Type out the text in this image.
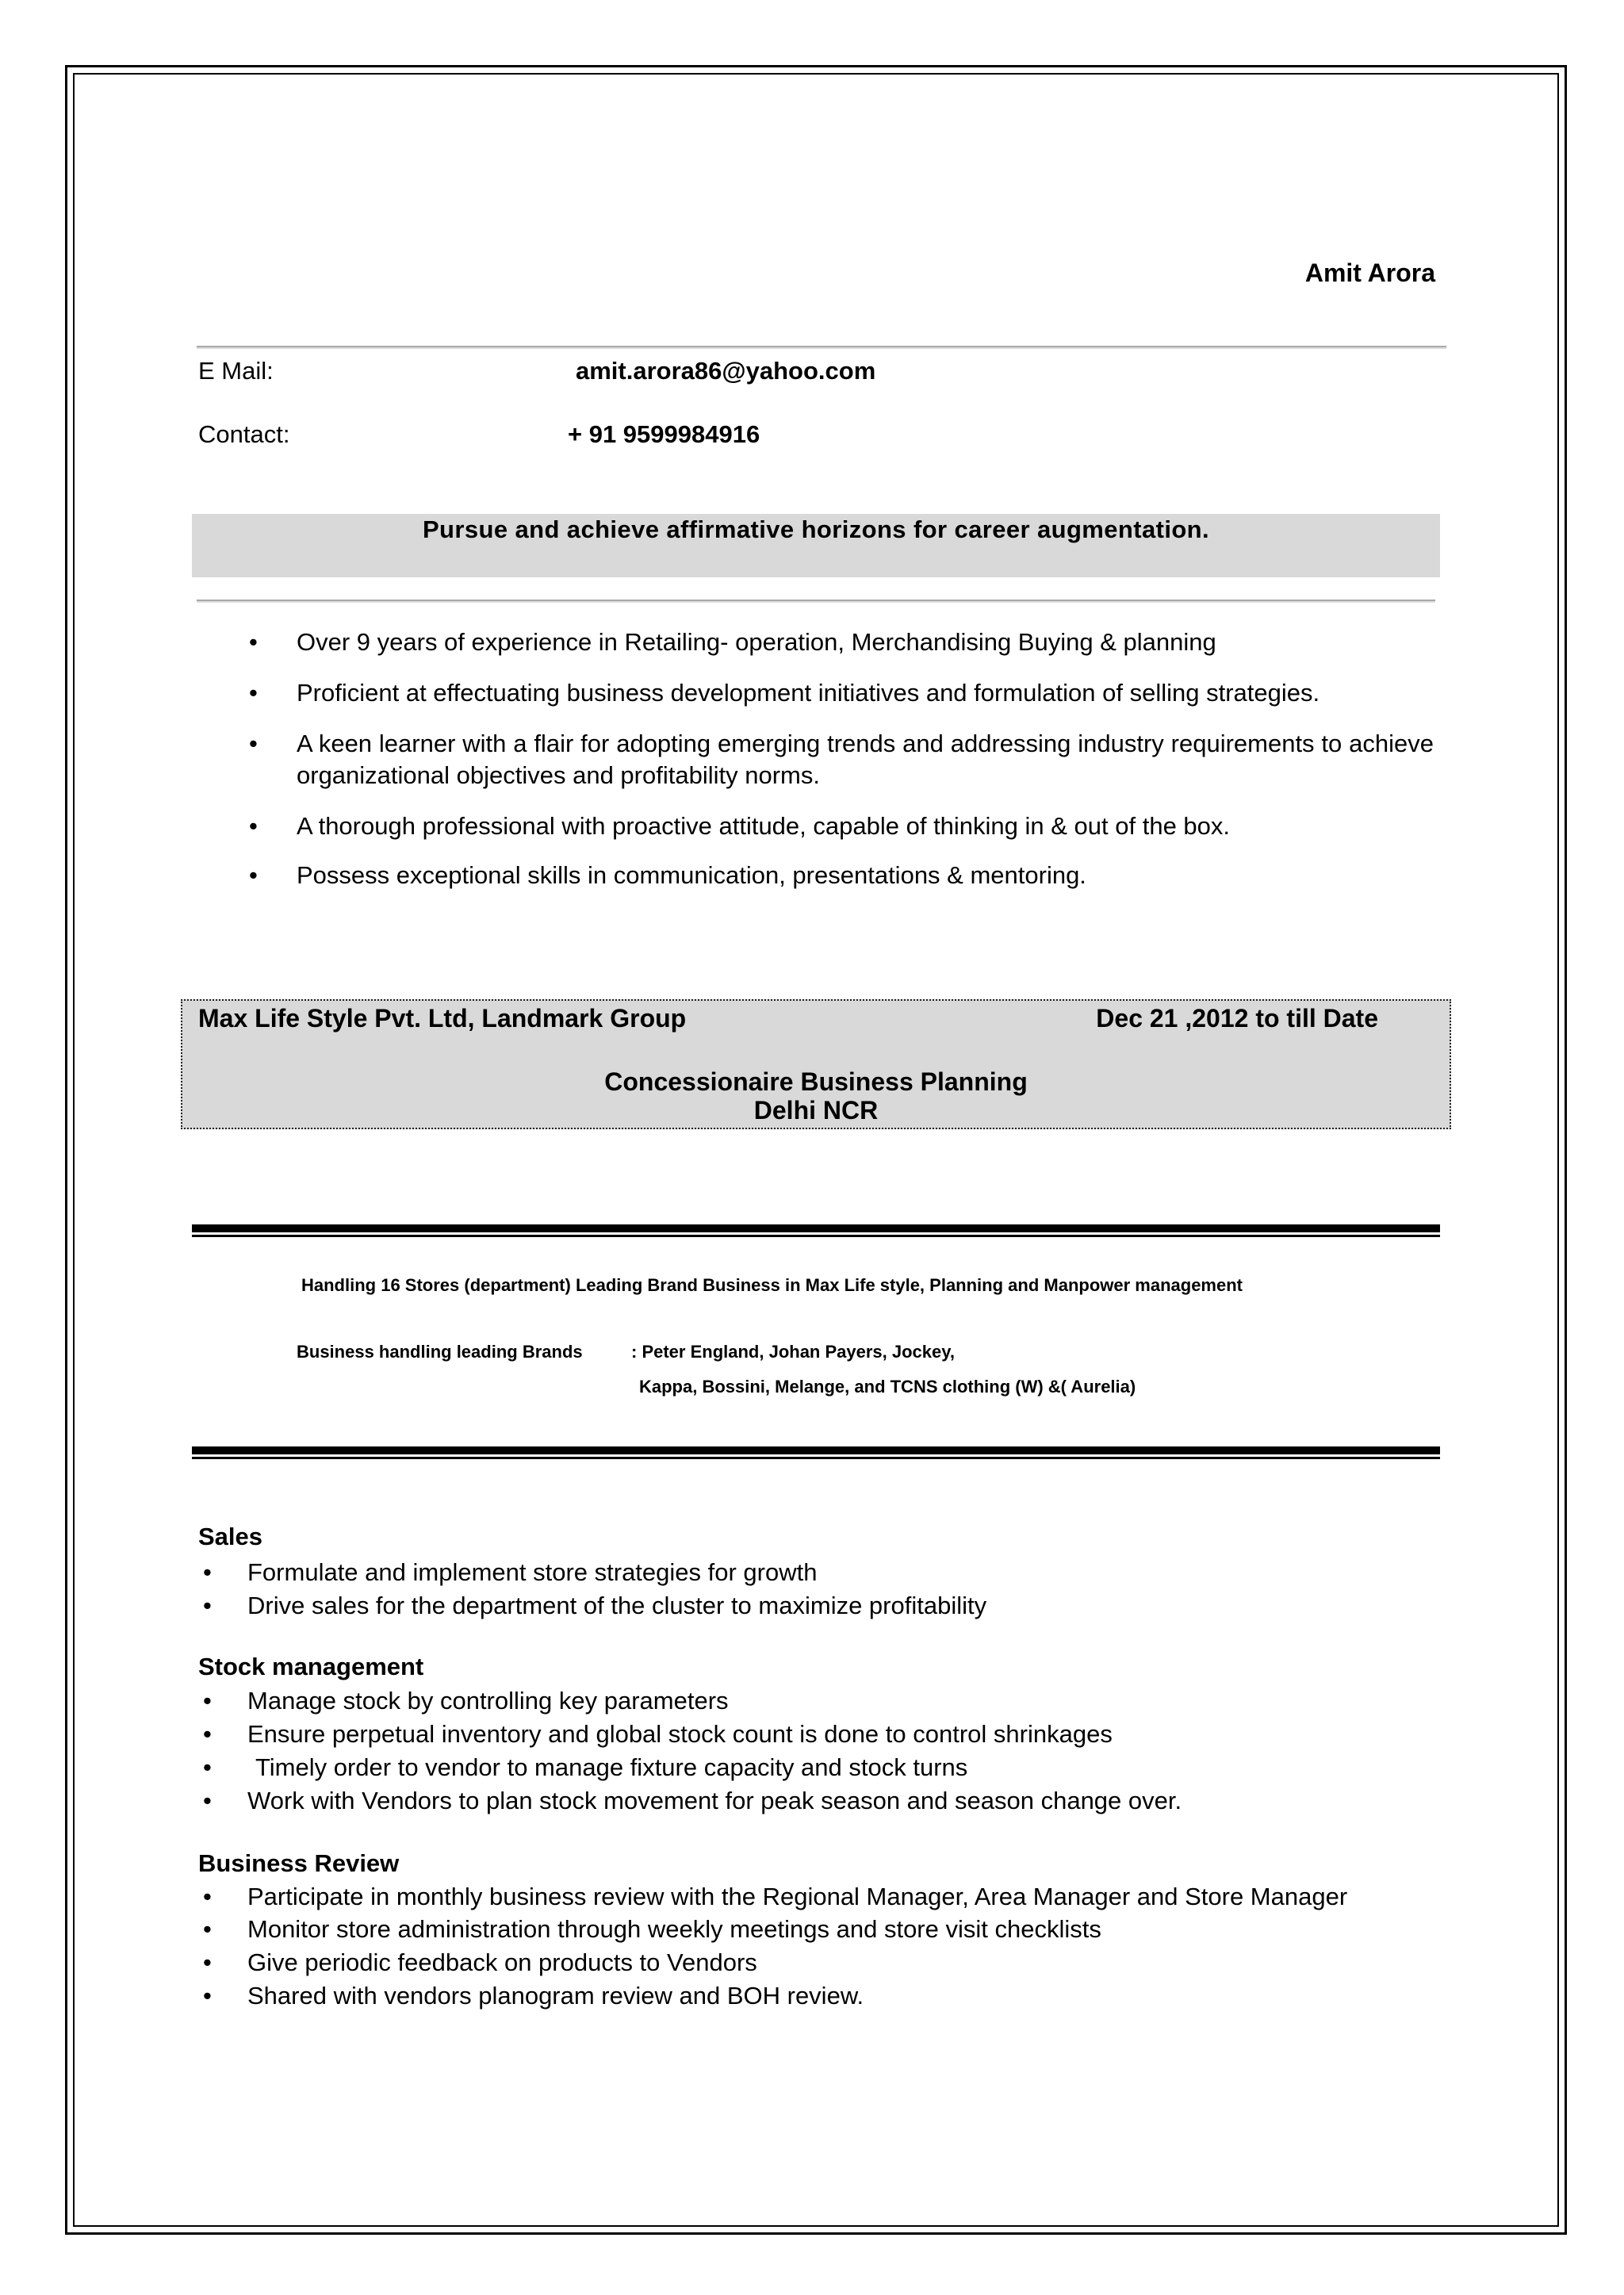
Amit Arora
E Mail:	amit.arora86@yahoo.com
Contact:	+ 91 9599984916
Pursue and achieve affirmative horizons for career augmentation.
• Over 9 years of experience in Retailing- operation, Merchandising Buying & planning
• Proficient at effectuating business development initiatives and formulation of selling strategies.
• A keen learner with a flair for adopting emerging trends and addressing industry requirements to achieve organizational objectives and profitability norms.
• A thorough professional with proactive attitude, capable of thinking in & out of the box.
• Possess exceptional skills in communication, presentations & mentoring.
Max Life Style Pvt. Ltd, Landmark Group	Dec 21 ,2012 to till Date
Concessionaire Business Planning
Delhi NCR
Handling 16 Stores (department) Leading Brand Business in Max Life style, Planning and Manpower management
Business handling leading Brands	: Peter England, Johan Payers, Jockey,
Kappa, Bossini, Melange, and TCNS clothing (W) &( Aurelia)
Sales
• Formulate and implement store strategies for growth
• Drive sales for the department of the cluster to maximize profitability
Stock management
• Manage stock by controlling key parameters
• Ensure perpetual inventory and global stock count is done to control shrinkages
• Timely order to vendor to manage fixture capacity and stock turns
• Work with Vendors to plan stock movement for peak season and season change over.
Business Review
• Participate in monthly business review with the Regional Manager, Area Manager and Store Manager
• Monitor store administration through weekly meetings and store visit checklists
• Give periodic feedback on products to Vendors
• Shared with vendors planogram review and BOH review.
